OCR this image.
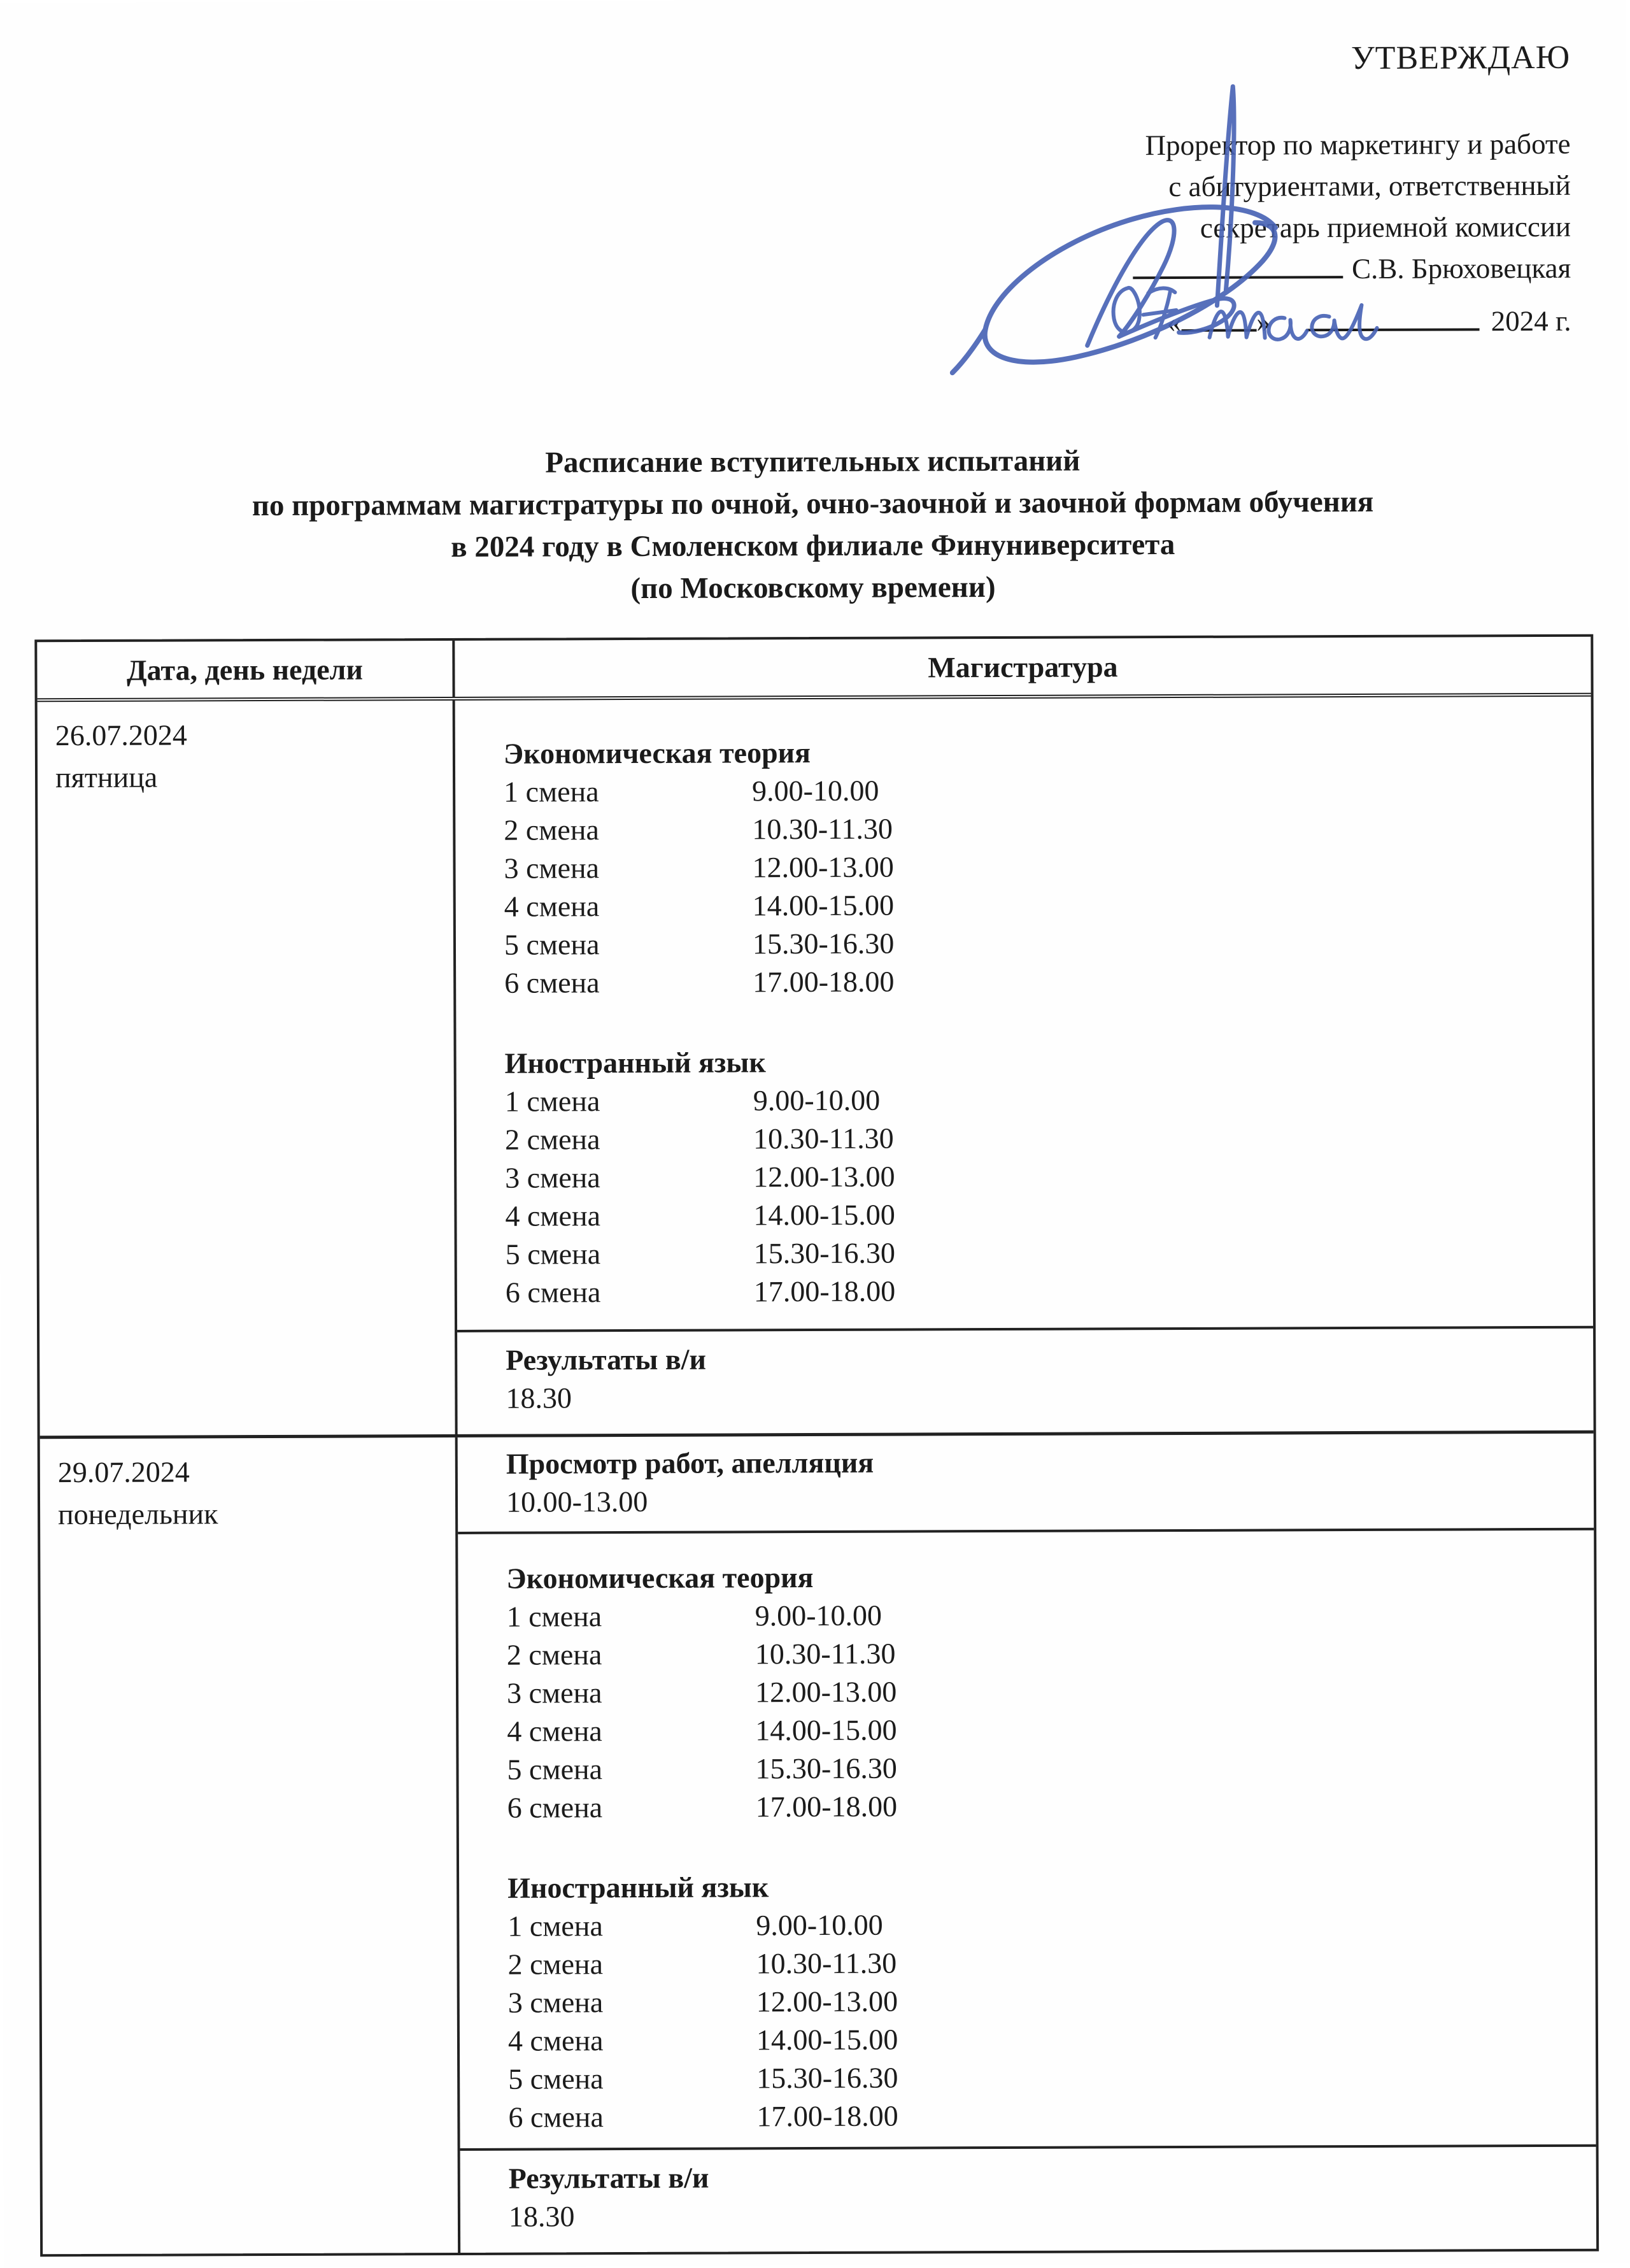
УТВЕРЖДАЮ
Проректор по маркетингу и работе
с абитуриентами, ответственный
секретарь приемной комиссии
С.В. Брюховецкая
«	»	2024 г.
Расписание вступительных испытаний
по программам магистратуры по очной, очно-заочной и заочной формам обучения
в 2024 году в Смоленском филиале Финуниверситета
(по Московскому времени)
Дата, день недели	Магистратура
26.07.2024
пятница
Экономическая теория
1 смена	9.00-10.00
2 смена	10.30-11.30
3 смена	12.00-13.00
4 смена	14.00-15.00
5 смена	15.30-16.30
6 смена	17.00-18.00
Иностранный язык
1 смена	9.00-10.00
2 смена	10.30-11.30
3 смена	12.00-13.00
4 смена	14.00-15.00
5 смена	15.30-16.30
6 смена	17.00-18.00
Результаты в/и
18.30
29.07.2024
понедельник
Просмотр работ, апелляция
10.00-13.00
Экономическая теория
1 смена	9.00-10.00
2 смена	10.30-11.30
3 смена	12.00-13.00
4 смена	14.00-15.00
5 смена	15.30-16.30
6 смена	17.00-18.00
Иностранный язык
1 смена	9.00-10.00
2 смена	10.30-11.30
3 смена	12.00-13.00
4 смена	14.00-15.00
5 смена	15.30-16.30
6 смена	17.00-18.00
Результаты в/и
18.30
